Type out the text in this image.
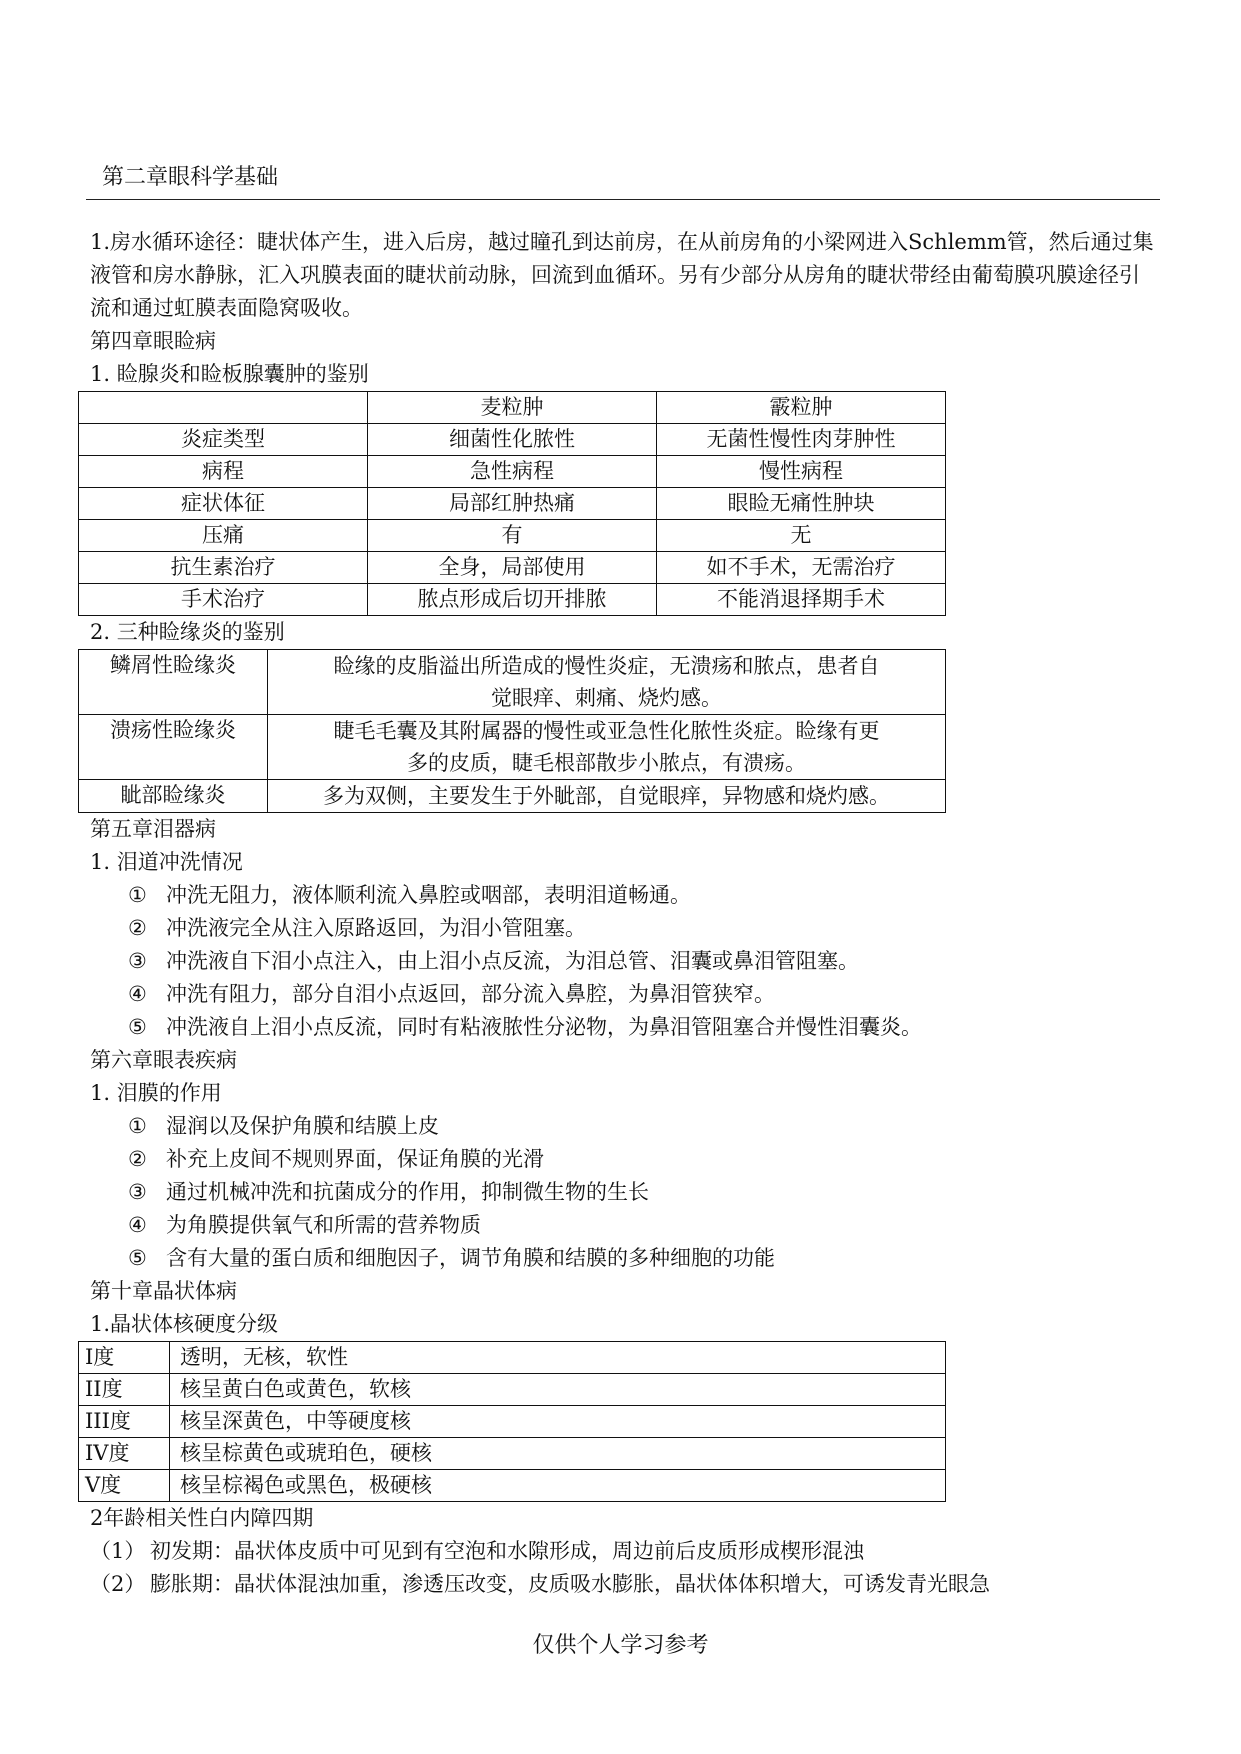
第二章眼科学基础

1.房水循环途径：睫状体产生，进入后房，越过瞳孔到达前房，在从前房角的小梁网进入Schlemm管，然后通过集液管和房水静脉，汇入巩膜表面的睫状前动脉，回流到血循环。另有少部分从房角的睫状带经由葡萄膜巩膜途径引流和通过虹膜表面隐窝吸收。

第四章眼睑病
1. 睑腺炎和睑板腺囊肿的鉴别
	麦粒肿	霰粒肿
炎症类型	细菌性化脓性	无菌性慢性肉芽肿性
病程	急性病程	慢性病程
症状体征	局部红肿热痛	眼睑无痛性肿块
压痛	有	无
抗生素治疗	全身，局部使用	如不手术，无需治疗
手术治疗	脓点形成后切开排脓	不能消退择期手术
2. 三种睑缘炎的鉴别
鳞屑性睑缘炎	睑缘的皮脂溢出所造成的慢性炎症，无溃疡和脓点，患者自
觉眼痒、刺痛、烧灼感。

溃疡性睑缘炎	睫毛毛囊及其附属器的慢性或亚急性化脓性炎症。睑缘有更
多的皮质，睫毛根部散步小脓点，有溃疡。

眦部睑缘炎	多为双侧，主要发生于外眦部，自觉眼痒，异物感和烧灼感。
第五章泪器病
1. 泪道冲洗情况
① 冲洗无阻力，液体顺利流入鼻腔或咽部，表明泪道畅通。
② 冲洗液完全从注入原路返回，为泪小管阻塞。
③ 冲洗液自下泪小点注入，由上泪小点反流，为泪总管、泪囊或鼻泪管阻塞。
④ 冲洗有阻力，部分自泪小点返回，部分流入鼻腔，为鼻泪管狭窄。
⑤ 冲洗液自上泪小点反流，同时有粘液脓性分泌物，为鼻泪管阻塞合并慢性泪囊炎。
第六章眼表疾病
1. 泪膜的作用
① 湿润以及保护角膜和结膜上皮
② 补充上皮间不规则界面，保证角膜的光滑
③ 通过机械冲洗和抗菌成分的作用，抑制微生物的生长
④ 为角膜提供氧气和所需的营养物质
⑤ 含有大量的蛋白质和细胞因子，调节角膜和结膜的多种细胞的功能
第十章晶状体病
1.晶状体核硬度分级
I度	透明，无核，软性
II度	核呈黄白色或黄色，软核
III度	核呈深黄色，中等硬度核
IV度	核呈棕黄色或琥珀色，硬核
V度	核呈棕褐色或黑色，极硬核
2年龄相关性白内障四期
（1） 初发期：晶状体皮质中可见到有空泡和水隙形成，周边前后皮质形成楔形混浊
（2） 膨胀期：晶状体混浊加重，渗透压改变，皮质吸水膨胀，晶状体体积增大，可诱发青光眼急
仅供个人学习参考
